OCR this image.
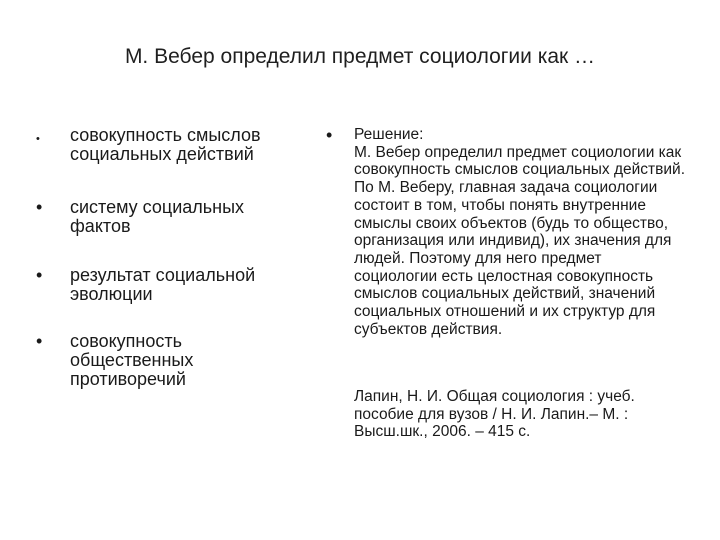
М. Вебер определил предмет социологии как …
• совокупность смыслов социальных действий
• систему социальных фактов
• результат социальной эволюции
• совокупность общественных противоречий
• Решение:
М. Вебер определил предмет социологии как совокупность смыслов социальных действий. По М. Веберу, главная задача социологии состоит в том, чтобы понять внутренние смыслы своих объектов (будь то общество, организация или индивид), их значения для людей. Поэтому для него предмет социологии есть целостная совокупность смыслов социальных действий, значений социальных отношений и их структур для субъектов действия.
Лапин, Н. И. Общая социология : учеб. пособие для вузов / Н. И. Лапин.– М. : Высш.шк., 2006. – 415 с.
